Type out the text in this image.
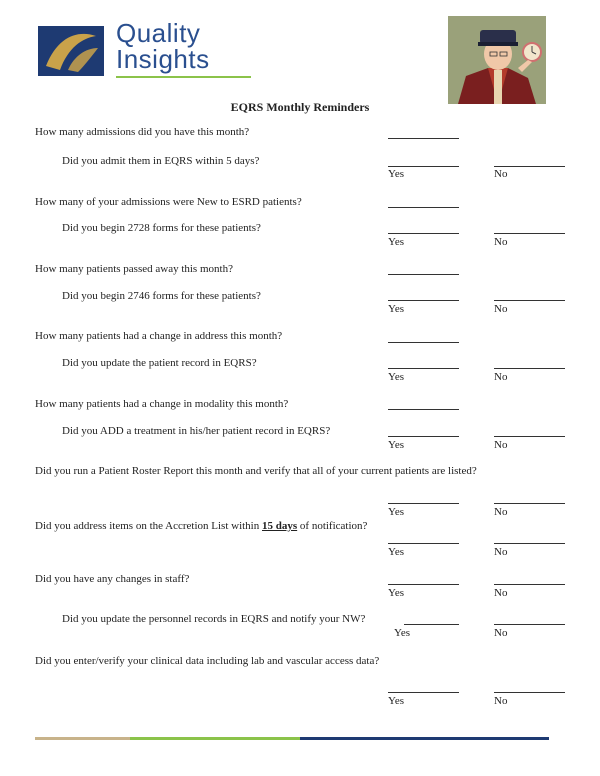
Quality
Insights
EQRS Monthly Reminders
How many admissions did you have this month?
Did you admit them in EQRS within 5 days?
Yes	No
How many of your admissions were New to ESRD patients?
Did you begin 2728 forms for these patients?
Yes	No
How many patients passed away this month?
Did you begin 2746 forms for these patients?
Yes	No
How many patients had a change in address this month?
Did you update the patient record in EQRS?
Yes	No
How many patients had a change in modality this month?
Did you ADD a treatment in his/her patient record in EQRS?
Yes	No
Did you run a Patient Roster Report this month and verify that all of your current patients are listed?
Yes	No
Did you address items on the Accretion List within 15 days of notification?
Yes	No
Did you have any changes in staff?
Yes	No
Did you update the personnel records in EQRS and notify your NW?
Yes	No
Did you enter/verify your clinical data including lab and vascular access data?
Yes	No
